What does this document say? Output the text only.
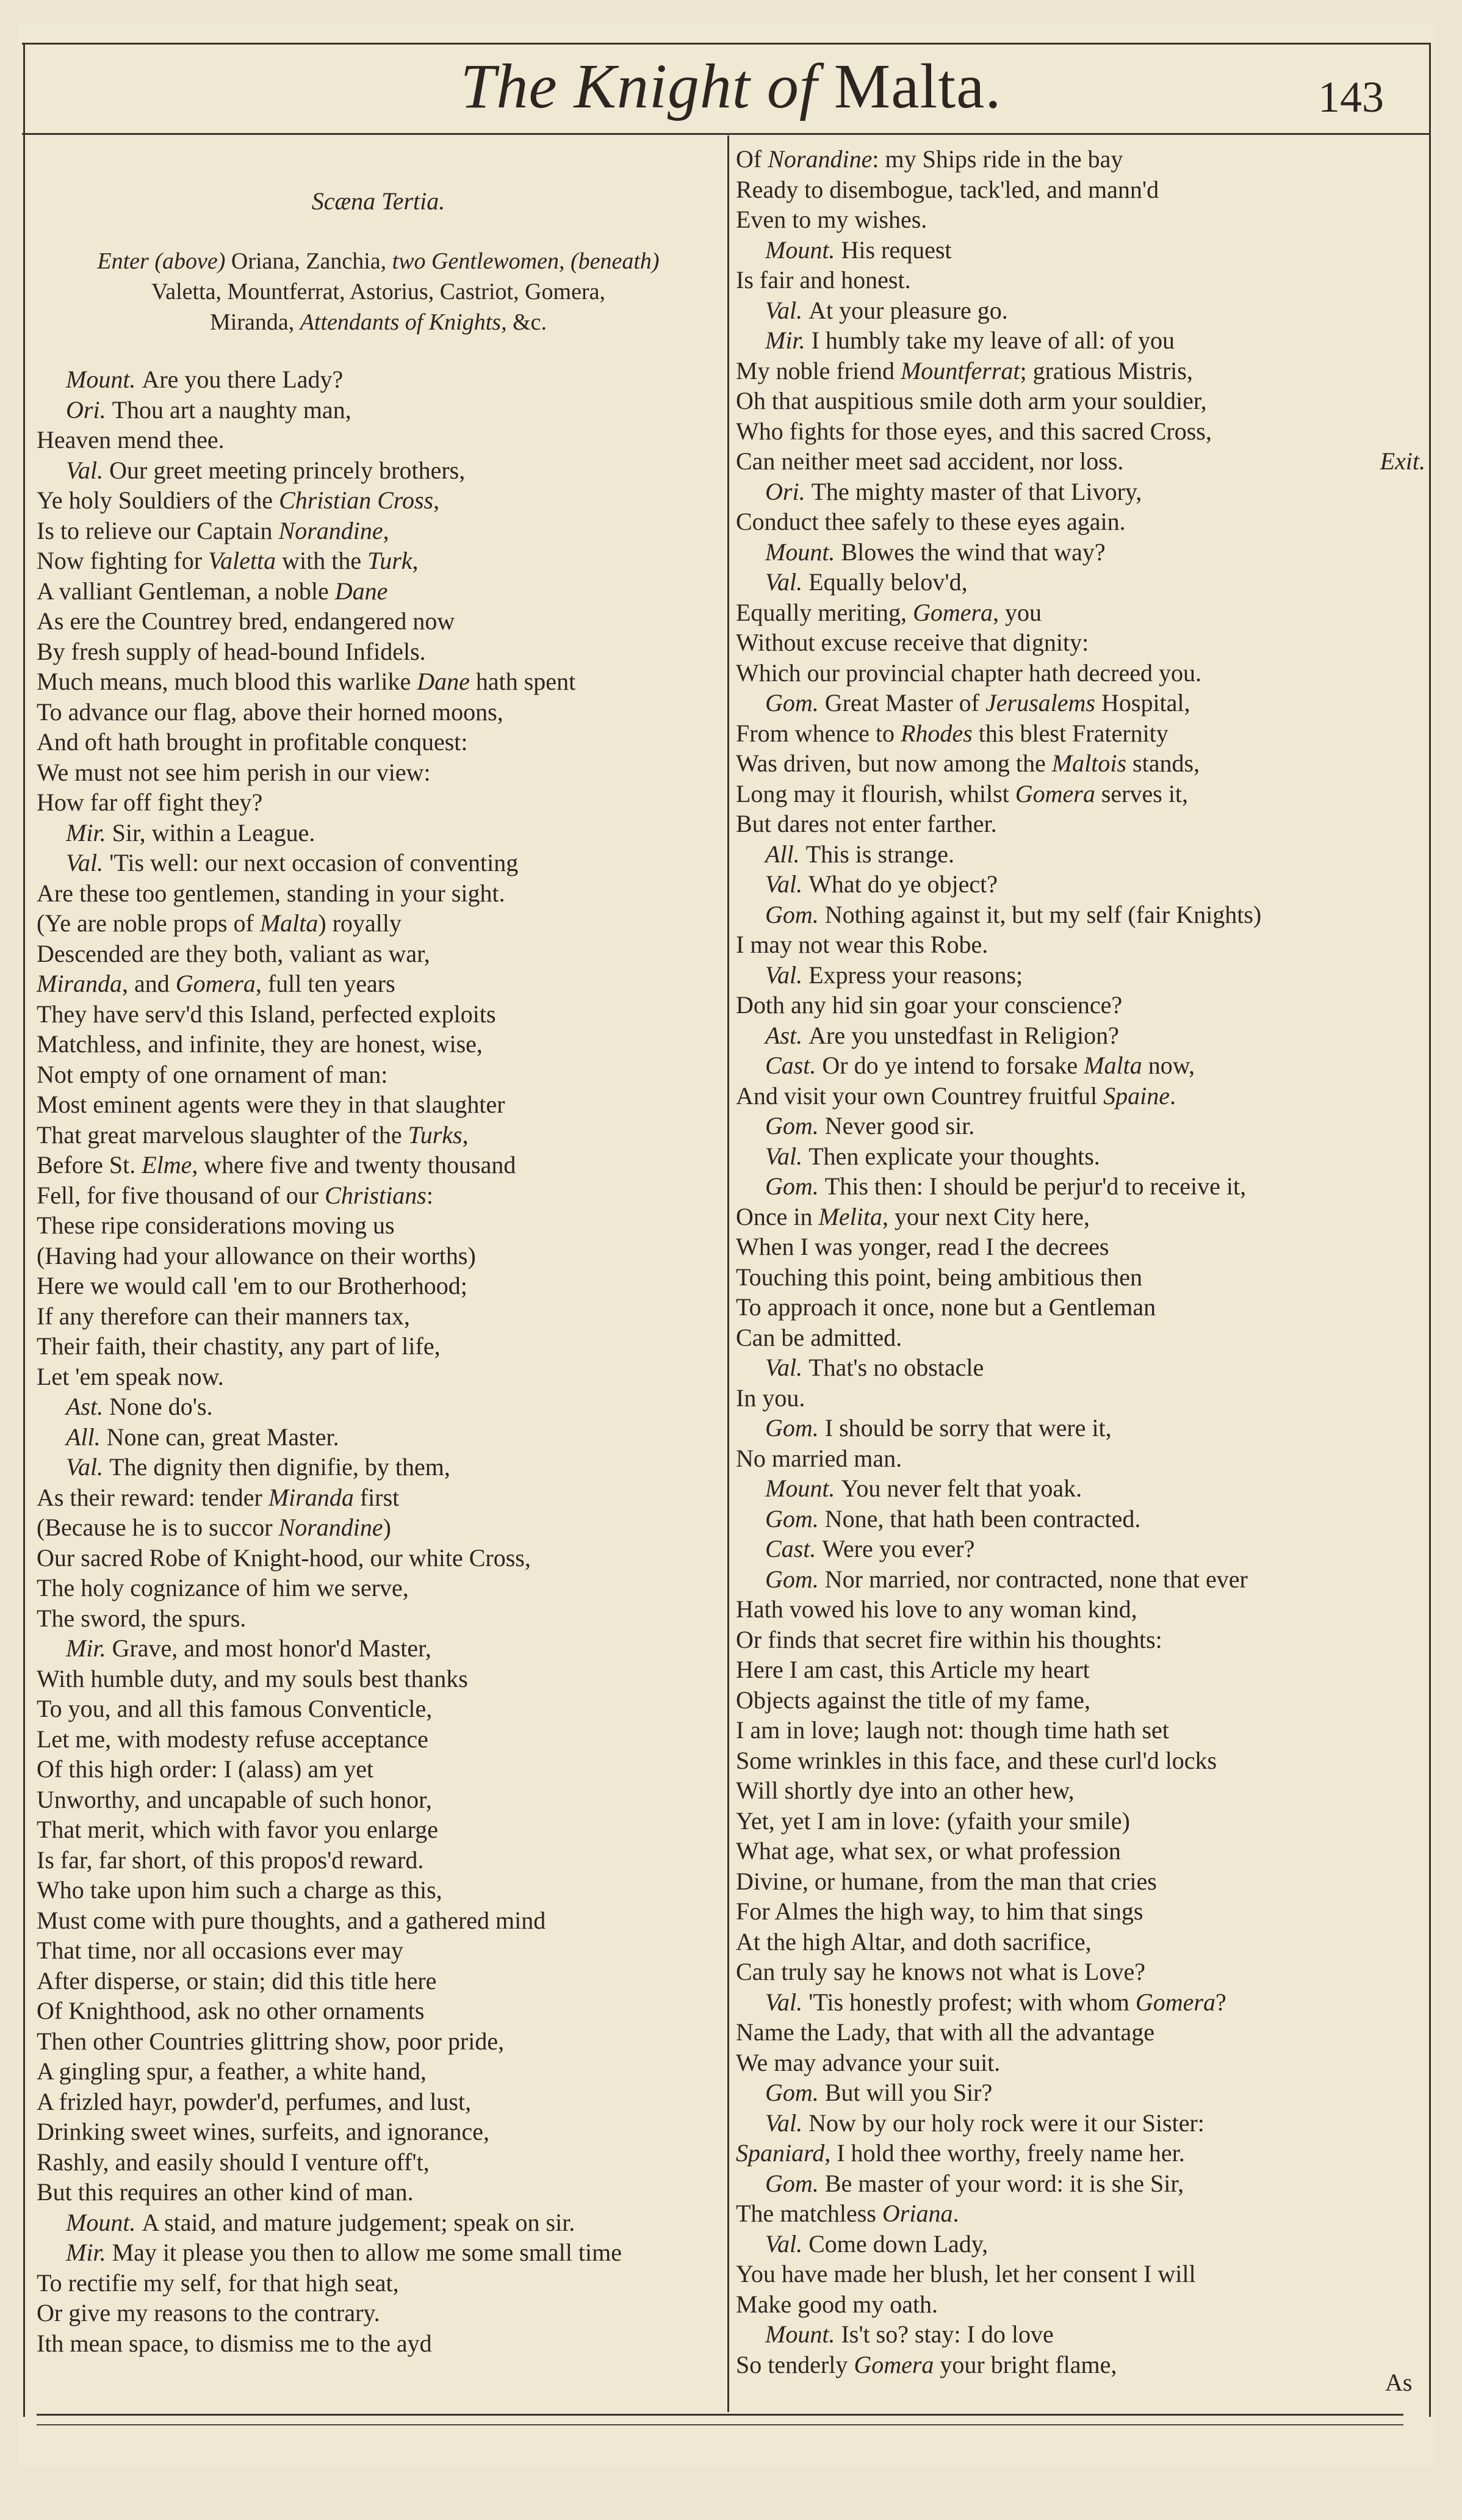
The Knight of Malta.	143
Scæna Tertia.
Enter (above) Oriana, Zanchia, two Gentlewomen, (beneath)
Valetta, Mountferrat, Astorius, Castriot, Gomera,
Miranda, Attendants of Knights, &c.
Mount. Are you there Lady?
Ori. Thou art a naughty man,
Heaven mend thee.
Val. Our greet meeting princely brothers,
Ye holy Souldiers of the Christian Cross,
Is to relieve our Captain Norandine,
Now fighting for Valetta with the Turk,
A valliant Gentleman, a noble Dane
As ere the Countrey bred, endangered now
By fresh supply of head-bound Infidels.
Much means, much blood this warlike Dane hath spent
To advance our flag, above their horned moons,
And oft hath brought in profitable conquest:
We must not see him perish in our view:
How far off fight they?
Mir. Sir, within a League.
Val. 'Tis well: our next occasion of conventing
Are these too gentlemen, standing in your sight.
(Ye are noble props of Malta) royally
Descended are they both, valiant as war,
Miranda, and Gomera, full ten years
They have serv'd this Island, perfected exploits
Matchless, and infinite, they are honest, wise,
Not empty of one ornament of man:
Most eminent agents were they in that slaughter
That great marvelous slaughter of the Turks,
Before St. Elme, where five and twenty thousand
Fell, for five thousand of our Christians:
These ripe considerations moving us
(Having had your allowance on their worths)
Here we would call 'em to our Brotherhood;
If any therefore can their manners tax,
Their faith, their chastity, any part of life,
Let 'em speak now.
Ast. None do's.
All. None can, great Master.
Val. The dignity then dignifie, by them,
As their reward: tender Miranda first
(Because he is to succor Norandine)
Our sacred Robe of Knight-hood, our white Cross,
The holy cognizance of him we serve,
The sword, the spurs.
Mir. Grave, and most honor'd Master,
With humble duty, and my souls best thanks
To you, and all this famous Conventicle,
Let me, with modesty refuse acceptance
Of this high order: I (alass) am yet
Unworthy, and uncapable of such honor,
That merit, which with favor you enlarge
Is far, far short, of this propos'd reward.
Who take upon him such a charge as this,
Must come with pure thoughts, and a gathered mind
That time, nor all occasions ever may
After disperse, or stain; did this title here
Of Knighthood, ask no other ornaments
Then other Countries glittring show, poor pride,
A gingling spur, a feather, a white hand,
A frizled hayr, powder'd, perfumes, and lust,
Drinking sweet wines, surfeits, and ignorance,
Rashly, and easily should I venture off't,
But this requires an other kind of man.
Mount. A staid, and mature judgement; speak on sir.
Mir. May it please you then to allow me some small time
To rectifie my self, for that high seat,
Or give my reasons to the contrary.
Ith mean space, to dismiss me to the ayd
Of Norandine: my Ships ride in the bay
Ready to disembogue, tack'led, and mann'd
Even to my wishes.
Mount. His request
Is fair and honest.
Val. At your pleasure go.
Mir. I humbly take my leave of all: of you
My noble friend Mountferrat; gratious Mistris,
Oh that auspitious smile doth arm your souldier,
Who fights for those eyes, and this sacred Cross,
Can neither meet sad accident, nor loss.	Exit.
Ori. The mighty master of that Livory,
Conduct thee safely to these eyes again.
Mount. Blowes the wind that way?
Val. Equally belov'd,
Equally meriting, Gomera, you
Without excuse receive that dignity:
Which our provincial chapter hath decreed you.
Gom. Great Master of Jerusalems Hospital,
From whence to Rhodes this blest Fraternity
Was driven, but now among the Maltois stands,
Long may it flourish, whilst Gomera serves it,
But dares not enter farther.
All. This is strange.
Val. What do ye object?
Gom. Nothing against it, but my self (fair Knights)
I may not wear this Robe.
Val. Express your reasons;
Doth any hid sin goar your conscience?
Ast. Are you unstedfast in Religion?
Cast. Or do ye intend to forsake Malta now,
And visit your own Countrey fruitful Spaine.
Gom. Never good sir.
Val. Then explicate your thoughts.
Gom. This then: I should be perjur'd to receive it,
Once in Melita, your next City here,
When I was yonger, read I the decrees
Touching this point, being ambitious then
To approach it once, none but a Gentleman
Can be admitted.
Val. That's no obstacle
In you.
Gom. I should be sorry that were it,
No married man.
Mount. You never felt that yoak.
Gom. None, that hath been contracted.
Cast. Were you ever?
Gom. Nor married, nor contracted, none that ever
Hath vowed his love to any woman kind,
Or finds that secret fire within his thoughts:
Here I am cast, this Article my heart
Objects against the title of my fame,
I am in love; laugh not: though time hath set
Some wrinkles in this face, and these curl'd locks
Will shortly dye into an other hew,
Yet, yet I am in love: (yfaith your smile)
What age, what sex, or what profession
Divine, or humane, from the man that cries
For Almes the high way, to him that sings
At the high Altar, and doth sacrifice,
Can truly say he knows not what is Love?
Val. 'Tis honestly profest; with whom Gomera?
Name the Lady, that with all the advantage
We may advance your suit.
Gom. But will you Sir?
Val. Now by our holy rock were it our Sister:
Spaniard, I hold thee worthy, freely name her.
Gom. Be master of your word: it is she Sir,
The matchless Oriana.
Val. Come down Lady,
You have made her blush, let her consent I will
Make good my oath.
Mount. Is't so? stay: I do love
So tenderly Gomera your bright flame,
As
